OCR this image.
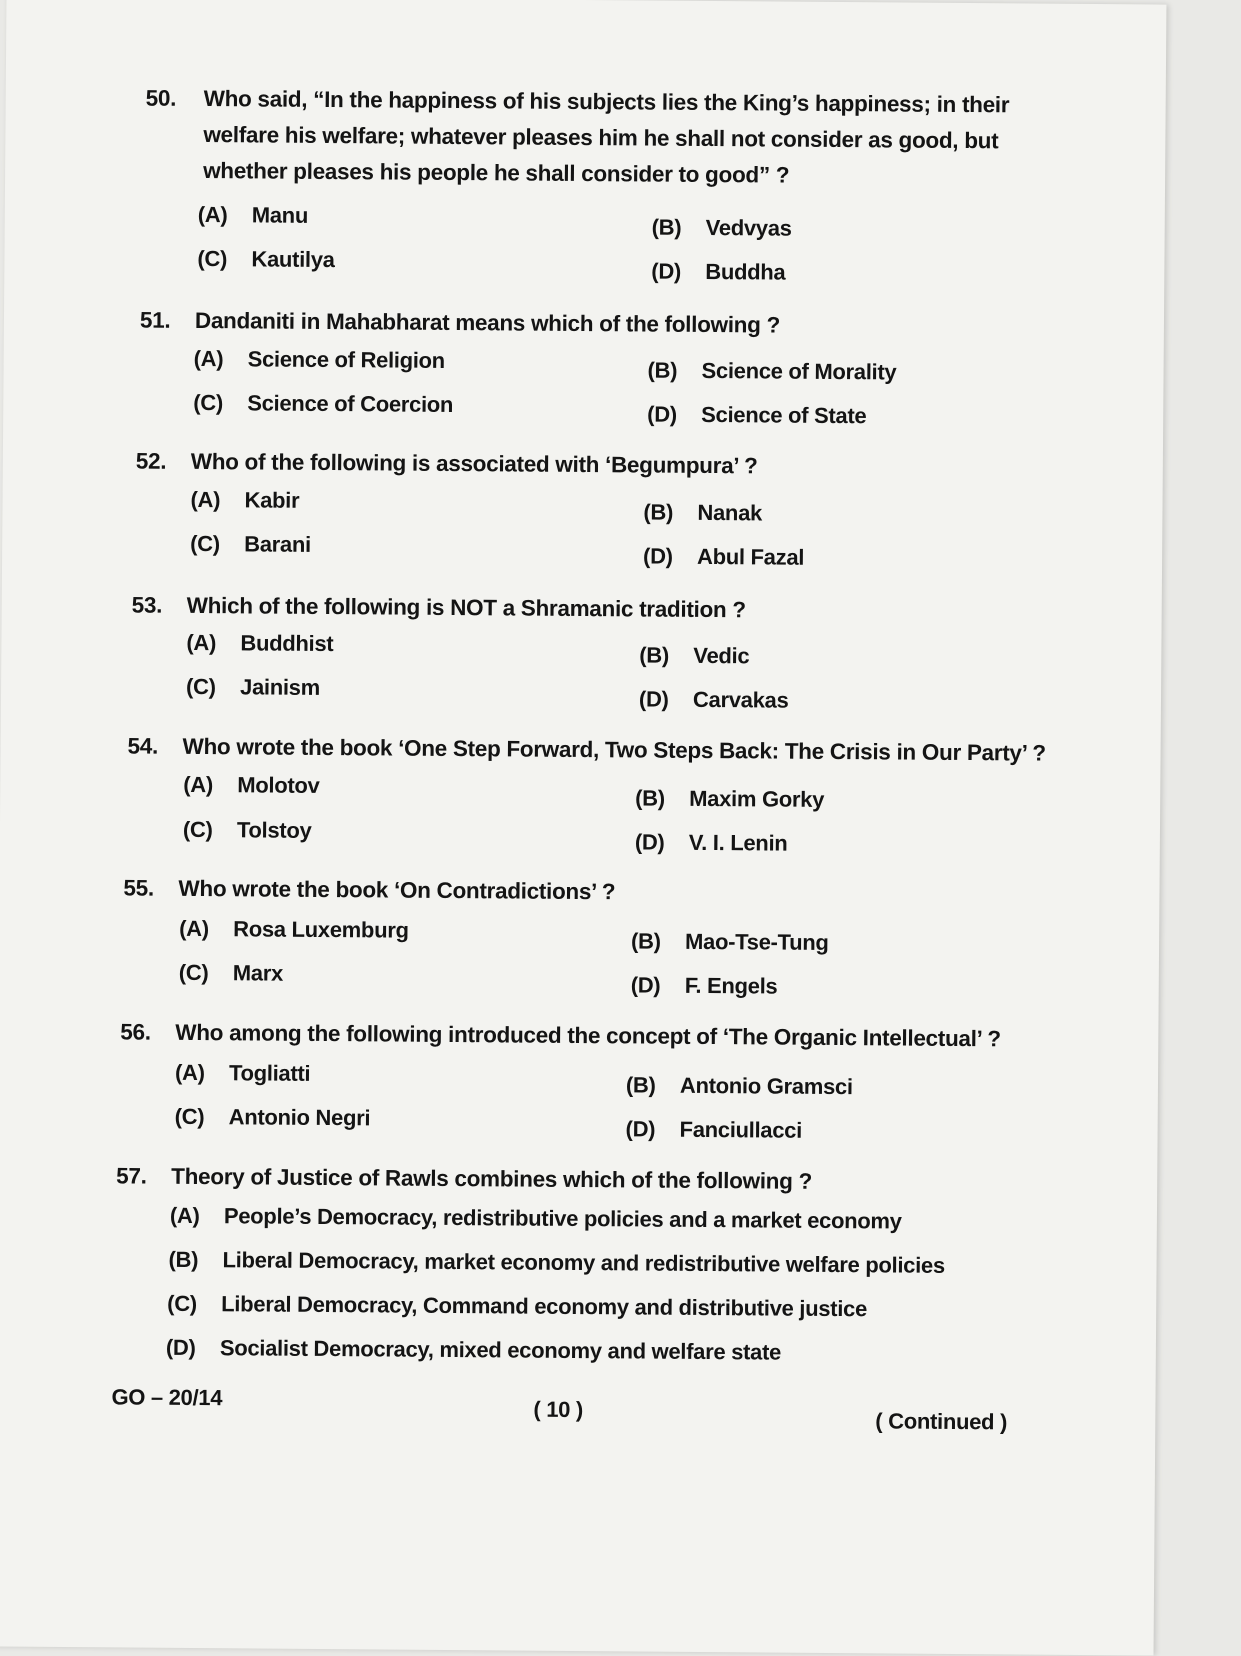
50. Who said, “In the happiness of his subjects lies the King’s happiness; in their welfare his welfare; whatever pleases him he shall not consider as good, but whether pleases his people he shall consider to good” ?
(A) Manu	(B) Vedvyas
(C) Kautilya	(D) Buddha
51. Dandaniti in Mahabharat means which of the following ?
(A) Science of Religion	(B) Science of Morality
(C) Science of Coercion	(D) Science of State
52. Who of the following is associated with ‘Begumpura’ ?
(A) Kabir	(B) Nanak
(C) Barani	(D) Abul Fazal
53. Which of the following is NOT a Shramanic tradition ?
(A) Buddhist	(B) Vedic
(C) Jainism	(D) Carvakas
54. Who wrote the book ‘One Step Forward, Two Steps Back: The Crisis in Our Party’ ?
(A) Molotov
(B) Maxim Gorky
(C) Tolstoy	(D) V. I. Lenin
55. Who wrote the book ‘On Contradictions’ ?
(A) Rosa Luxemburg	(B) Mao-Tse-Tung
(C) Marx	(D) F. Engels
56. Who among the following introduced the concept of ‘The Organic Intellectual’ ?
(A) Togliatti	(B) Antonio Gramsci
(C) Antonio Negri	(D) Fanciullacci
57. Theory of Justice of Rawls combines which of the following ?
(A) People’s Democracy, redistributive policies and a market economy
(B) Liberal Democracy, market economy and redistributive welfare policies
(C) Liberal Democracy, Command economy and distributive justice
(D) Socialist Democracy, mixed economy and welfare state
GO – 20/14	( 10 )	( Continued )
